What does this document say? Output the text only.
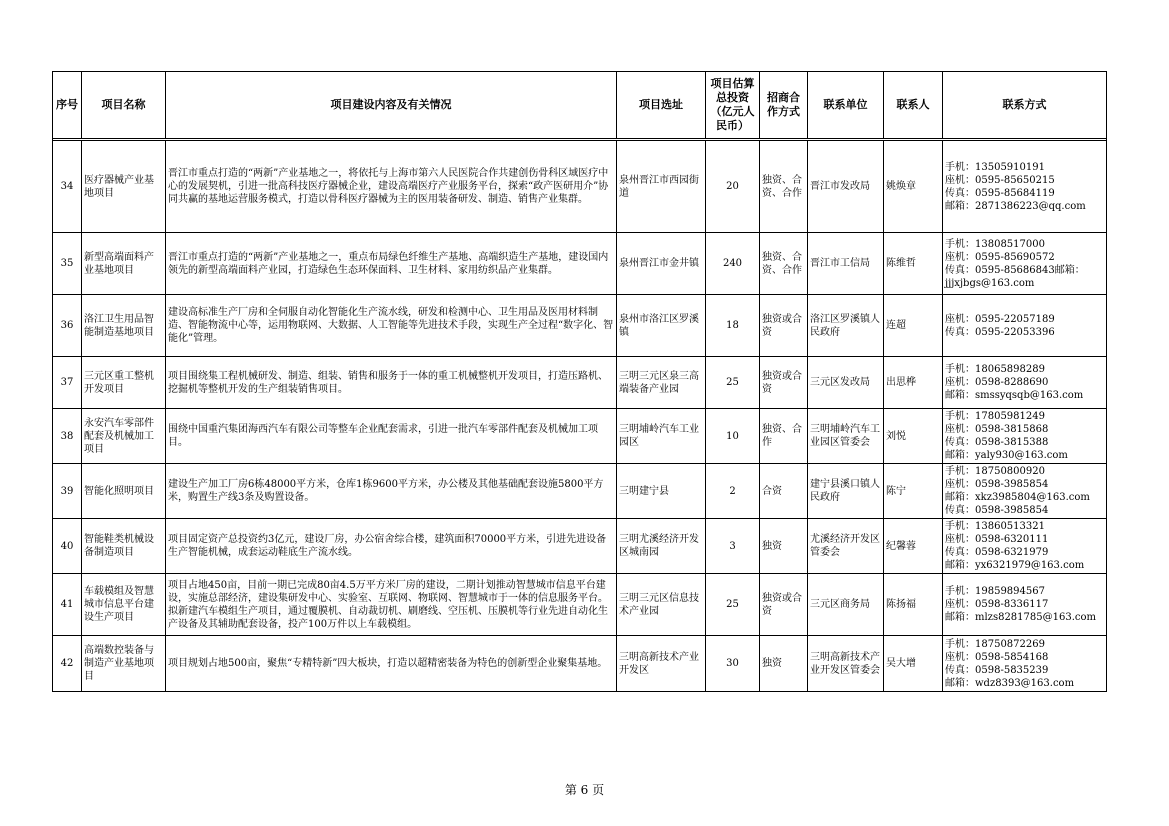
序号	项目名称	项目建设内容及有关情况	项目选址	项目估算总投资（亿元人民币）	招商合作方式	联系单位	联系人	联系方式

34	医疗器械产业基地项目	晋江市重点打造的“两新”产业基地之一，将依托与上海市第六人民医院合作共建创伤骨科区域医疗中心的发展契机，引进一批高科技医疗器械企业，建设高端医疗产业服务平台，探索“政产医研用介”协同共赢的基地运营服务模式，打造以骨科医疗器械为主的医用装备研发、制造、销售产业集群。	泉州晋江市西园街道	20	独资、合资、合作	晋江市发改局	姚焕章	手机：13505910191
座机：0595-85650215
传真：0595-85684119
邮箱：2871386223@qq.com

35	新型高端面料产业基地项目	晋江市重点打造的“两新”产业基地之一，重点布局绿色纤维生产基地、高端织造生产基地，建设国内领先的新型高端面料产业园，打造绿色生态环保面料、卫生材料、家用纺织品产业集群。	泉州晋江市金井镇	240	独资、合资、合作	晋江市工信局	陈维哲	手机：13808517000
座机：0595-85690572
传真：0595-85686843邮箱：
jjjxjbgs@163.com

36	洛江卫生用品智能制造基地项目	建设高标准生产厂房和全伺服自动化智能化生产流水线，研发和检测中心、卫生用品及医用材料制造、智能物流中心等，运用物联网、大数据、人工智能等先进技术手段，实现生产全过程“数字化、智能化”管理。	泉州市洛江区罗溪镇	18	独资或合资	洛江区罗溪镇人民政府	连超	座机：0595-22057189
传真：0595-22053396

37	三元区重工整机开发项目	项目围绕集工程机械研发、制造、组装、销售和服务于一体的重工机械整机开发项目，打造压路机、挖掘机等整机开发的生产组装销售项目。	三明三元区泉三高端装备产业园	25	独资或合资	三元区发改局	出思桦	手机：18065898289
座机：0598-8288690
邮箱：smssyqsqb@163.com

38	永安汽车零部件配套及机械加工项目	围绕中国重汽集团海西汽车有限公司等整车企业配套需求，引进一批汽车零部件配套及机械加工项目。	三明埔岭汽车工业园区	10	独资、合作	三明埔岭汽车工业园区管委会	刘悦	手机：17805981249
座机：0598-3815868
传真：0598-3815388
邮箱：yaly930@163.com

39	智能化照明项目	建设生产加工厂房6栋48000平方米，仓库1栋9600平方米，办公楼及其他基础配套设施5800平方米，购置生产线3条及购置设备。	三明建宁县	2	合资	建宁县溪口镇人民政府	陈宁	手机：18750800920
座机：0598-3985854
邮箱：xkz3985804@163.com
传真：0598-3985854

40	智能鞋类机械设备制造项目	项目固定资产总投资约3亿元，建设厂房，办公宿舍综合楼，建筑面积70000平方米，引进先进设备生产智能机械，成套运动鞋底生产流水线。	三明尤溪经济开发区城南园	3	独资	尤溪经济开发区管委会	纪馨蓉	手机：13860513321
座机：0598-6320111
传真：0598-6321979
邮箱：yx6321979@163.com

41	车载模组及智慧城市信息平台建设生产项目	项目占地450亩，目前一期已完成80亩4.5万平方米厂房的建设，二期计划推动智慧城市信息平台建设，实施总部经济，建设集研发中心、实验室、互联网、物联网、智慧城市于一体的信息服务平台。拟新建汽车模组生产项目，通过覆膜机、自动裁切机、刷磨线、空压机、压膜机等行业先进自动化生产设备及其辅助配套设备，投产100万件以上车载模组。	三明三元区信息技术产业园	25	独资或合资	三元区商务局	陈扬福	手机：19859894567
座机：0598-8336117
邮箱：mlzs8281785@163.com

42	高端数控装备与制造产业基地项目	项目规划占地500亩，聚焦“专精特新”四大板块，打造以超精密装备为特色的创新型企业聚集基地。	三明高新技术产业开发区	30	独资	三明高新技术产业开发区管委会	吴大增	手机：18750872269
座机：0598-5854168
传真：0598-5835239
邮箱：wdz8393@163.com
第 6 页
